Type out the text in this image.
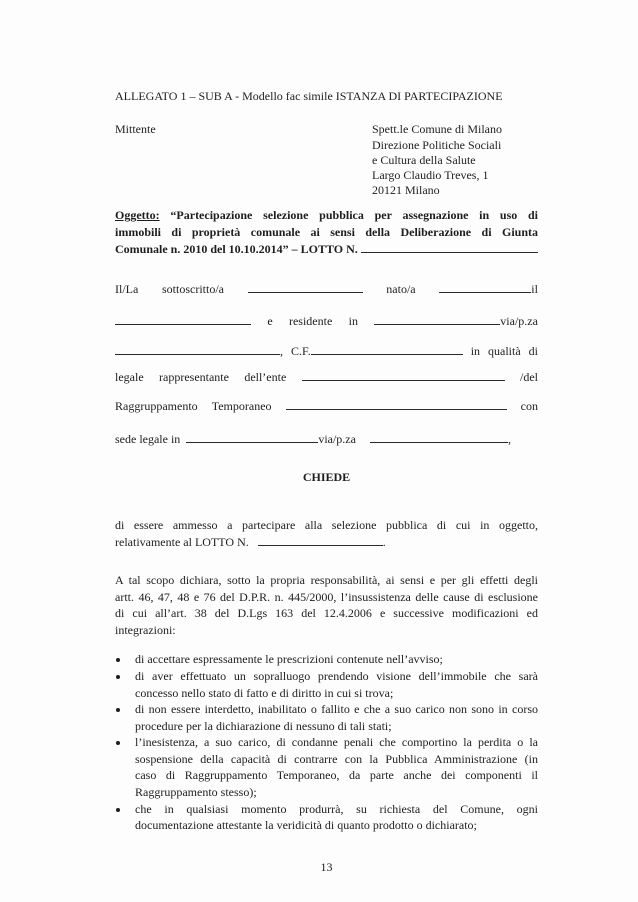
ALLEGATO 1 – SUB A - Modello fac simile ISTANZA DI PARTECIPAZIONE
Mittente	Spett.le Comune di Milano
Direzione Politiche Sociali
e Cultura della Salute
Largo Claudio Treves, 1
20121 Milano
Oggetto: “Partecipazione selezione pubblica per assegnazione in uso di
immobili di proprietà comunale ai sensi della Deliberazione di Giunta
Comunale n. 2010 del 10.10.2014” – LOTTO N.
Il/La sottoscritto/a	nato/a	il
e residente in	via/p.za
, C.F.	in qualità di
legale rappresentante dell’ente	/del
Raggruppamento Temporaneo	con
sede legale in	via/p.za	,
CHIEDE
di essere ammesso a partecipare alla selezione pubblica di cui in oggetto,
relativamente al LOTTO N.	.
A tal scopo dichiara, sotto la propria responsabilità, ai sensi e per gli effetti degli
artt. 46, 47, 48 e 76 del D.P.R. n. 445/2000, l’insussistenza delle cause di esclusione
di cui all’art. 38 del D.Lgs 163 del 12.4.2006 e successive modificazioni ed
integrazioni:
di accettare espressamente le prescrizioni contenute nell’avviso;
di aver effettuato un sopralluogo prendendo visione dell’immobile che sarà
concesso nello stato di fatto e di diritto in cui si trova;
di non essere interdetto, inabilitato o fallito e che a suo carico non sono in corso
procedure per la dichiarazione di nessuno di tali stati;
l’inesistenza, a suo carico, di condanne penali che comportino la perdita o la
sospensione della capacità di contrarre con la Pubblica Amministrazione (in
caso di Raggruppamento Temporaneo, da parte anche dei componenti il
Raggruppamento stesso);
che in qualsiasi momento produrrà, su richiesta del Comune, ogni
documentazione attestante la veridicità di quanto prodotto o dichiarato;
13
